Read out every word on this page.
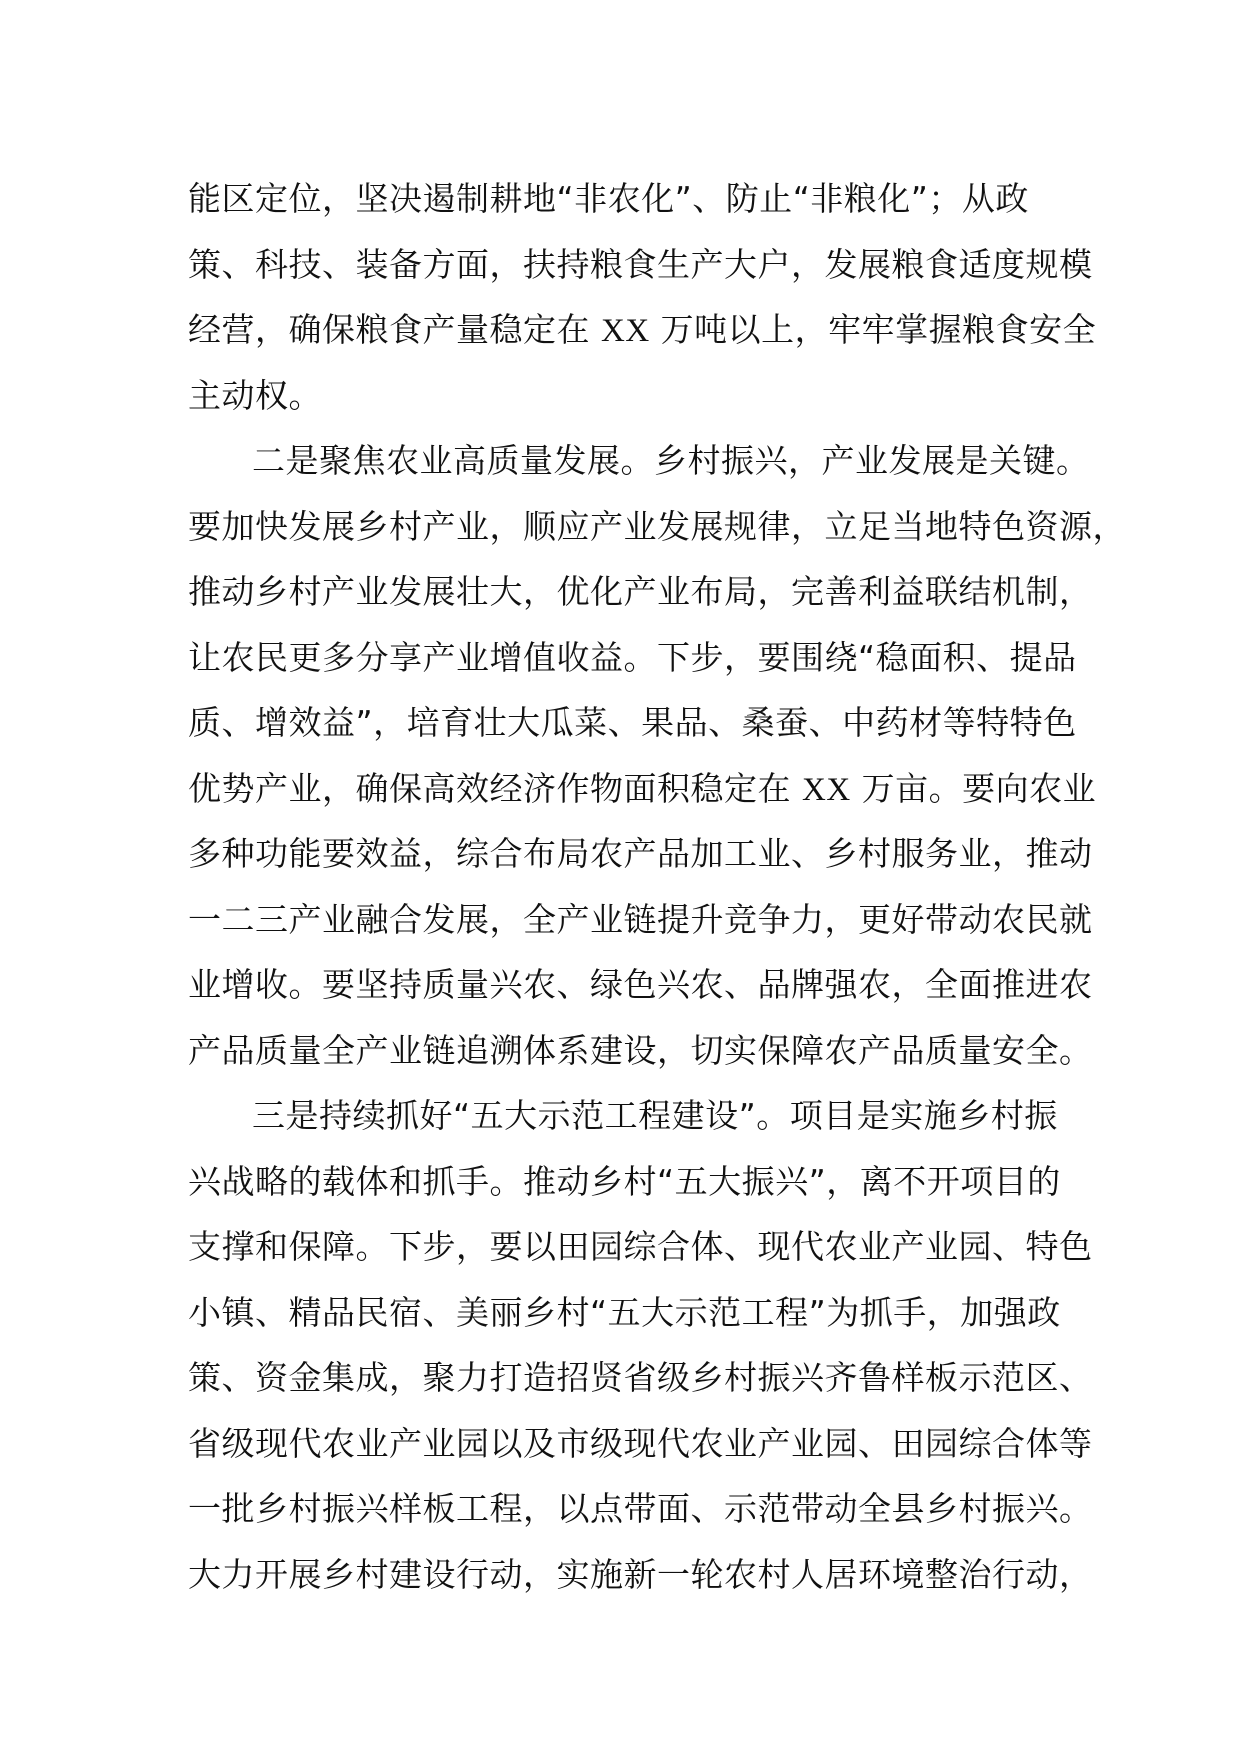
能区定位，坚决遏制耕地“非农化”、防止“非粮化”；从政
策、科技、装备方面，扶持粮食生产大户，发展粮食适度规模
经营，确保粮食产量稳定在 XX 万吨以上，牢牢掌握粮食安全
主动权。
二是聚焦农业高质量发展。乡村振兴，产业发展是关键。
要加快发展乡村产业，顺应产业发展规律，立足当地特色资源，
推动乡村产业发展壮大，优化产业布局，完善利益联结机制，
让农民更多分享产业增值收益。下步，要围绕“稳面积、提品
质、增效益”，培育壮大瓜菜、果品、桑蚕、中药材等特特色
优势产业，确保高效经济作物面积稳定在 XX 万亩。要向农业
多种功能要效益，综合布局农产品加工业、乡村服务业，推动
一二三产业融合发展，全产业链提升竞争力，更好带动农民就
业增收。要坚持质量兴农、绿色兴农、品牌强农，全面推进农
产品质量全产业链追溯体系建设，切实保障农产品质量安全。
三是持续抓好“五大示范工程建设”。项目是实施乡村振
兴战略的载体和抓手。推动乡村“五大振兴”，离不开项目的
支撑和保障。下步，要以田园综合体、现代农业产业园、特色
小镇、精品民宿、美丽乡村“五大示范工程”为抓手，加强政
策、资金集成，聚力打造招贤省级乡村振兴齐鲁样板示范区、
省级现代农业产业园以及市级现代农业产业园、田园综合体等
一批乡村振兴样板工程，以点带面、示范带动全县乡村振兴。
大力开展乡村建设行动，实施新一轮农村人居环境整治行动，
